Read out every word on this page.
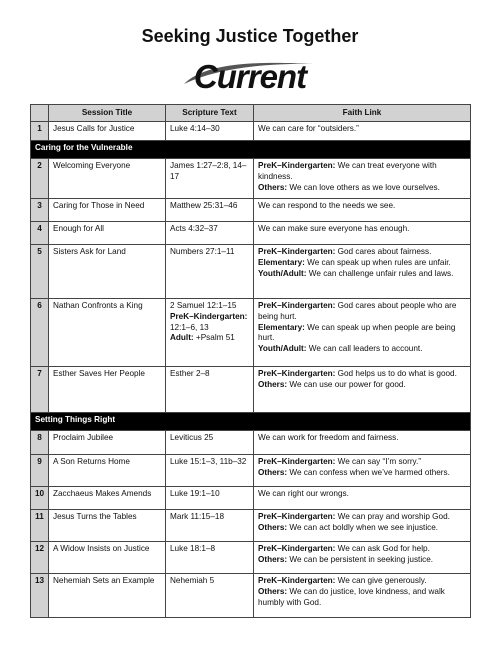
Seeking Justice Together
Current
	Session Title	Scripture Text	Faith Link
1	Jesus Calls for Justice	Luke 4:14–30	We can care for “outsiders.”
Caring for the Vulnerable			
2	Welcoming Everyone	James 1:27–2:8, 14–17	PreK–Kindergarten: We can treat everyone with kindness.
Others: We can love others as we love ourselves.
3	Caring for Those in Need	Matthew 25:31–46	We can respond to the needs we see.
4	Enough for All	Acts 4:32–37	We can make sure everyone has enough.
5	Sisters Ask for Land	Numbers 27:1–11	PreK–Kindergarten: God cares about fairness.
Elementary: We can speak up when rules are unfair.
Youth/Adult: We can challenge unfair rules and laws.
6	Nathan Confronts a King	2 Samuel 12:1–15
PreK–Kindergarten:
12:1–6, 13
Adult: +Psalm 51	PreK–Kindergarten: God cares about people who are being hurt.
Elementary: We can speak up when people are being hurt.
Youth/Adult: We can call leaders to account.
7	Esther Saves Her People	Esther 2–8	PreK–Kindergarten: God helps us to do what is good.
Others: We can use our power for good.
Setting Things Right			
8	Proclaim Jubilee	Leviticus 25	We can work for freedom and fairness.
9	A Son Returns Home	Luke 15:1–3, 11b–32	PreK–Kindergarten: We can say “I’m sorry.”
Others: We can confess when we’ve harmed others.
10	Zacchaeus Makes Amends	Luke 19:1–10	We can right our wrongs.
11	Jesus Turns the Tables	Mark 11:15–18	PreK–Kindergarten: We can pray and worship God.
Others: We can act boldly when we see injustice.
12	A Widow Insists on Justice	Luke 18:1–8	PreK–Kindergarten: We can ask God for help.
Others: We can be persistent in seeking justice.
13	Nehemiah Sets an Example	Nehemiah 5	PreK–Kindergarten: We can give generously.
Others: We can do justice, love kindness, and walk humbly with God.
